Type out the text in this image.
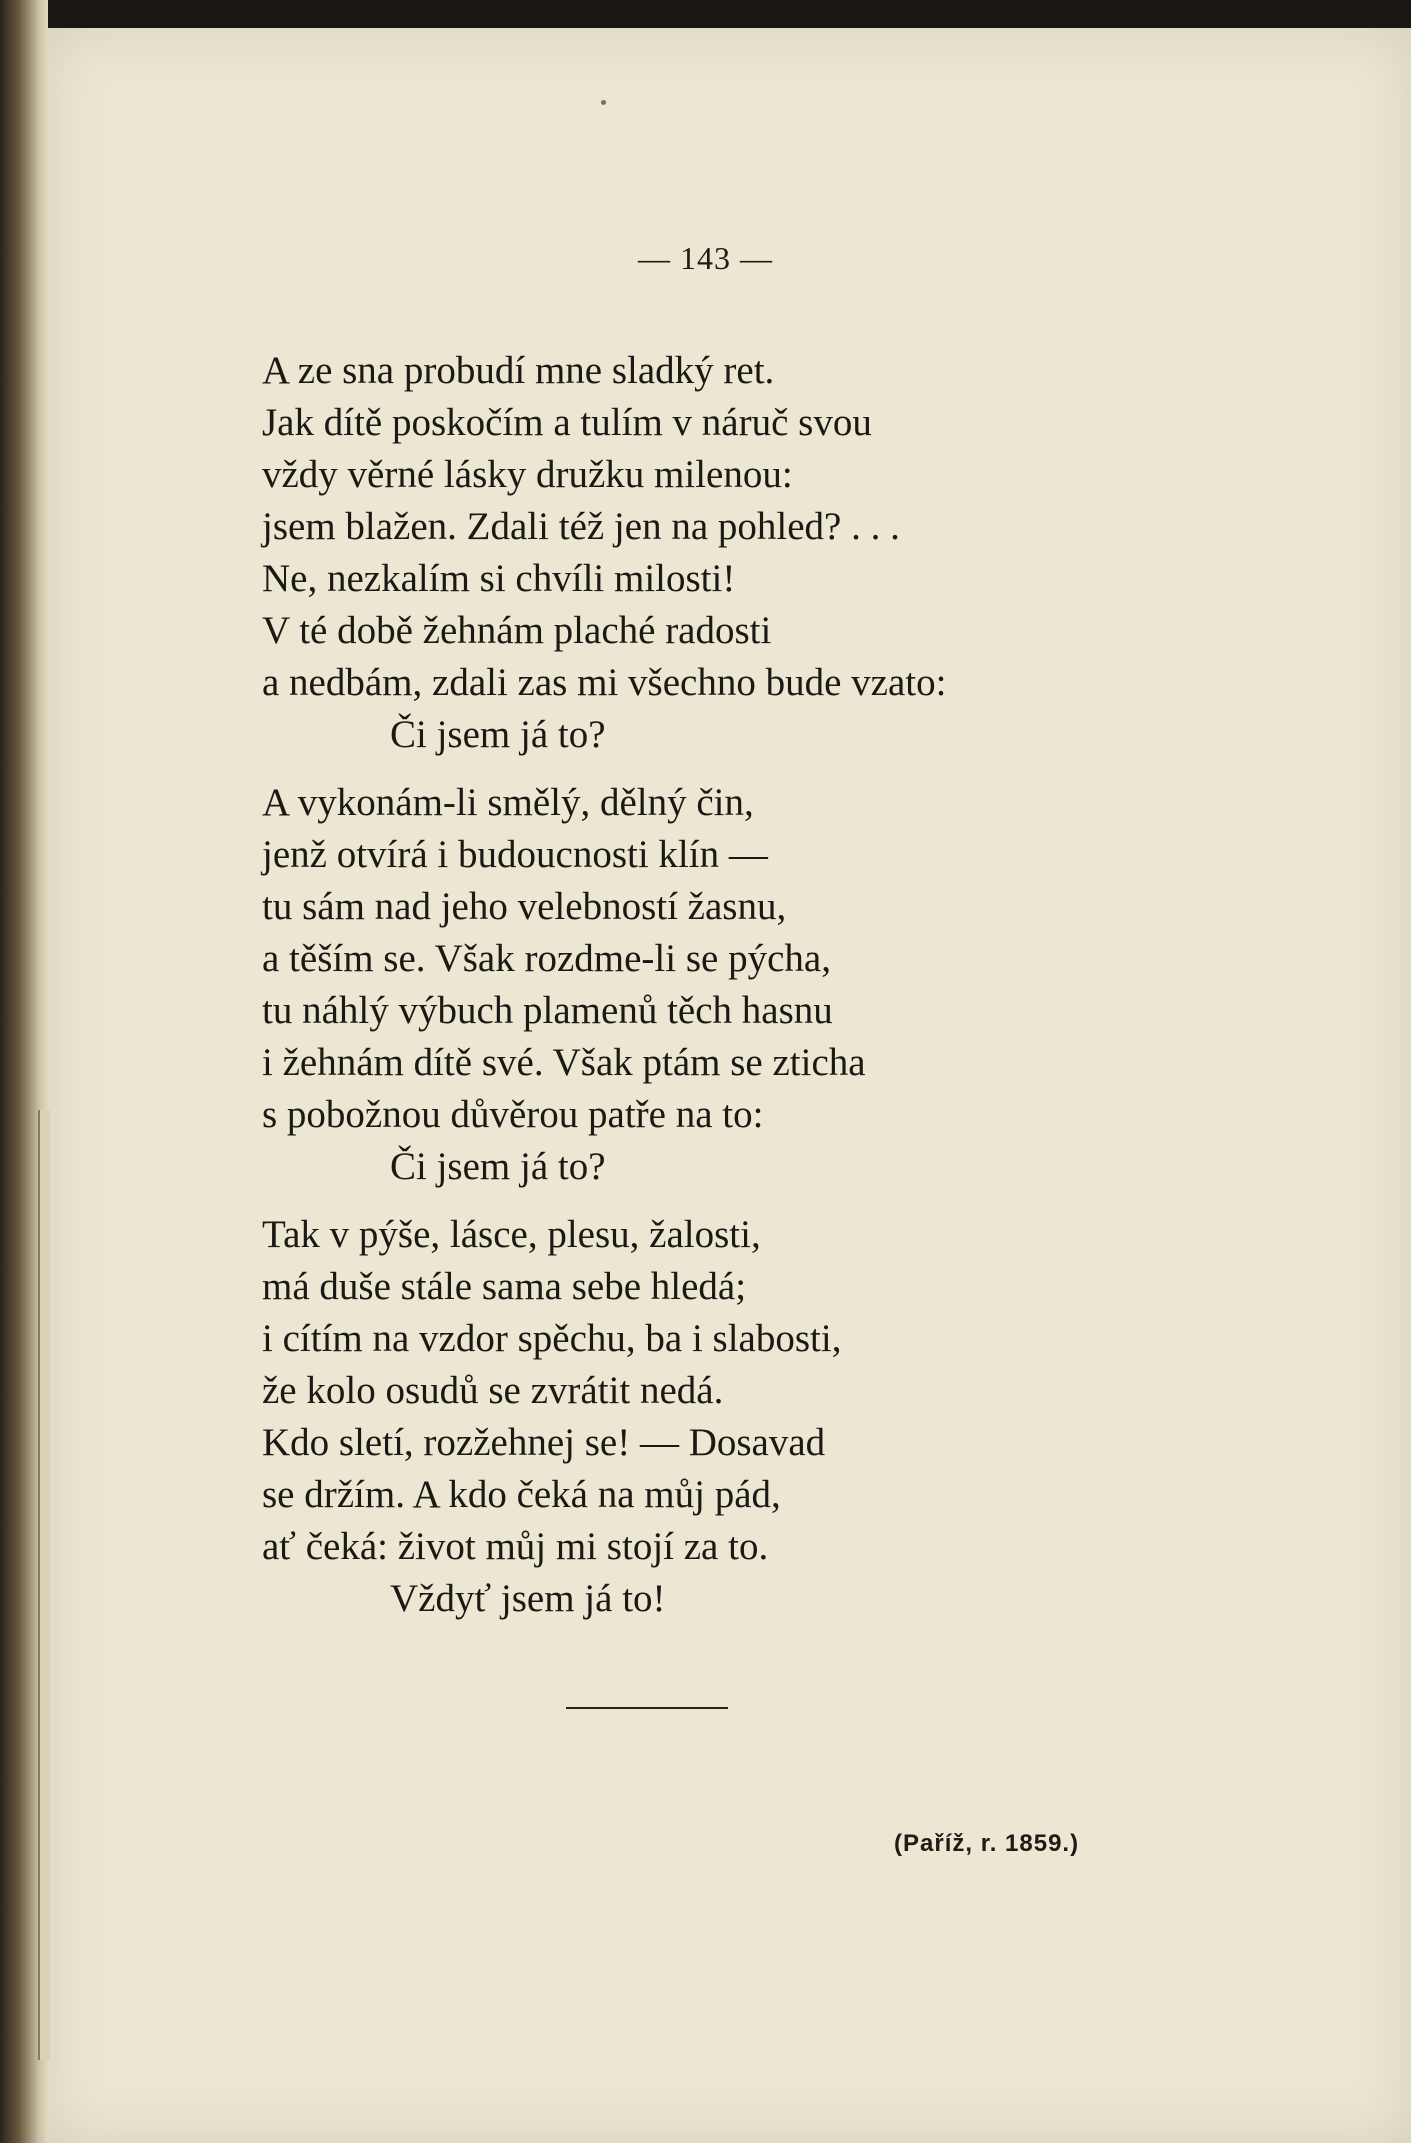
— 143 —
A ze sna probudí mne sladký ret.
Jak dítě poskočím a tulím v náruč svou
vždy věrné lásky družku milenou:
jsem blažen. Zdali též jen na pohled? . . .
Ne, nezkalím si chvíli milosti!
V té době žehnám plaché radosti
a nedbám, zdali zas mi všechno bude vzato:
Či jsem já to?
A vykonám-li smělý, dělný čin,
jenž otvírá i budoucnosti klín —
tu sám nad jeho velebností žasnu,
a těším se. Však rozdme-li se pýcha,
tu náhlý výbuch plamenů těch hasnu
i žehnám dítě své. Však ptám se zticha
s pobožnou důvěrou patře na to:
Či jsem já to?
Tak v pýše, lásce, plesu, žalosti,
má duše stále sama sebe hledá;
i cítím na vzdor spěchu, ba i slabosti,
že kolo osudů se zvrátit nedá.
Kdo sletí, rozžehnej se! — Dosavad
se držím. A kdo čeká na můj pád,
ať čeká: život můj mi stojí za to.
Vždyť jsem já to!
(Paříž, r. 1859.)
